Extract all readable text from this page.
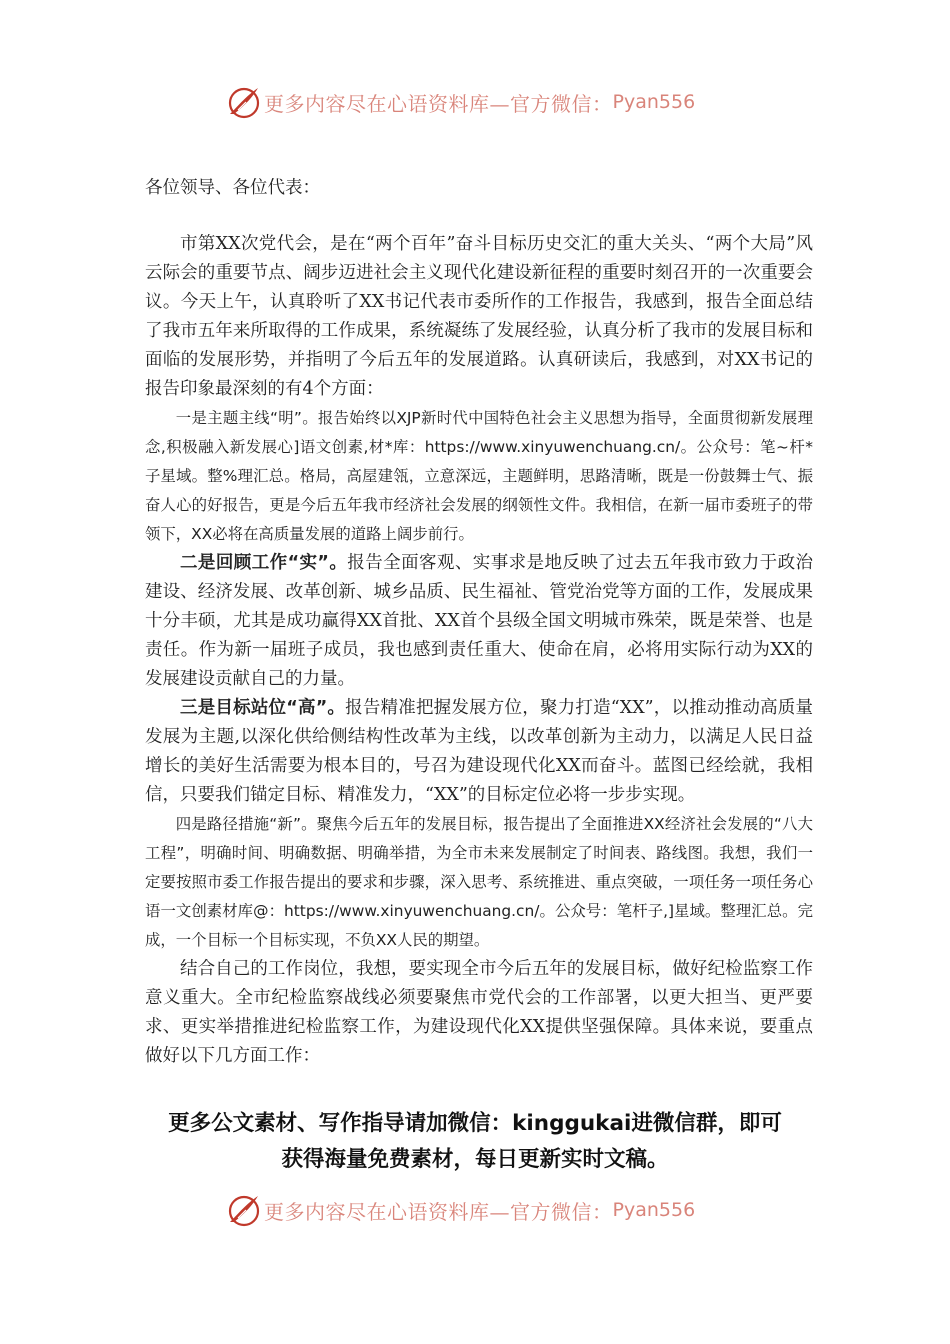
更多内容尽在心语资料库—官方微信： Pyan556
各位领导、各位代表：

市第XX次党代会，是在“两个百年”奋斗目标历史交汇的重大关头、“两个大局”风云际会的重要节点、阔步迈进社会主义现代化建设新征程的重要时刻召开的一次重要会议。今天上午，认真聆听了XX书记代表市委所作的工作报告，我感到，报告全面总结了我市五年来所取得的工作成果，系统凝练了发展经验，认真分析了我市的发展目标和面临的发展形势，并指明了今后五年的发展道路。认真研读后，我感到，对XX书记的报告印象最深刻的有4个方面：

一是主题主线“明”。报告始终以XJP新时代中国特色社会主义思想为指导，全面贯彻新发展理念,积极融入新发展心]语文创素,材*库：https://www.xinyuwenchuang.cn/。公众号：笔~杆*子星域。整%理汇总。格局，高屋建瓴，立意深远，主题鲜明，思路清晰，既是一份鼓舞士气、振奋人心的好报告，更是今后五年我市经济社会发展的纲领性文件。我相信，在新一届市委班子的带领下，XX必将在高质量发展的道路上阔步前行。

二是回顾工作“实”。报告全面客观、实事求是地反映了过去五年我市致力于政治建设、经济发展、改革创新、城乡品质、民生福祉、管党治党等方面的工作，发展成果十分丰硕，尤其是成功赢得XX首批、XX首个县级全国文明城市殊荣，既是荣誉、也是责任。作为新一届班子成员，我也感到责任重大、使命在肩，必将用实际行动为XX的发展建设贡献自己的力量。

三是目标站位“高”。报告精准把握发展方位，聚力打造“XX”，以推动推动高质量发展为主题,以深化供给侧结构性改革为主线，以改革创新为主动力，以满足人民日益增长的美好生活需要为根本目的，号召为建设现代化XX而奋斗。蓝图已经绘就，我相信，只要我们锚定目标、精准发力，“XX”的目标定位必将一步步实现。

四是路径措施“新”。聚焦今后五年的发展目标，报告提出了全面推进XX经济社会发展的“八大工程”，明确时间、明确数据、明确举措，为全市未来发展制定了时间表、路线图。我想，我们一定要按照市委工作报告提出的要求和步骤，深入思考、系统推进、重点突破，一项任务一项任务心语一文创素材库@：https://www.xinyuwenchuang.cn/。公众号：笔杆子,]星域。整理汇总。完成，一个目标一个目标实现，不负XX人民的期望。

结合自己的工作岗位，我想，要实现全市今后五年的发展目标，做好纪检监察工作意义重大。全市纪检监察战线必须要聚焦市党代会的工作部署，以更大担当、更严要求、更实举措推进纪检监察工作，为建设现代化XX提供坚强保障。具体来说，要重点做好以下几方面工作：

更多公文素材、写作指导请加微信：kinggukai进微信群，即可
获得海量免费素材，每日更新实时文稿。
更多内容尽在心语资料库—官方微信： Pyan556
